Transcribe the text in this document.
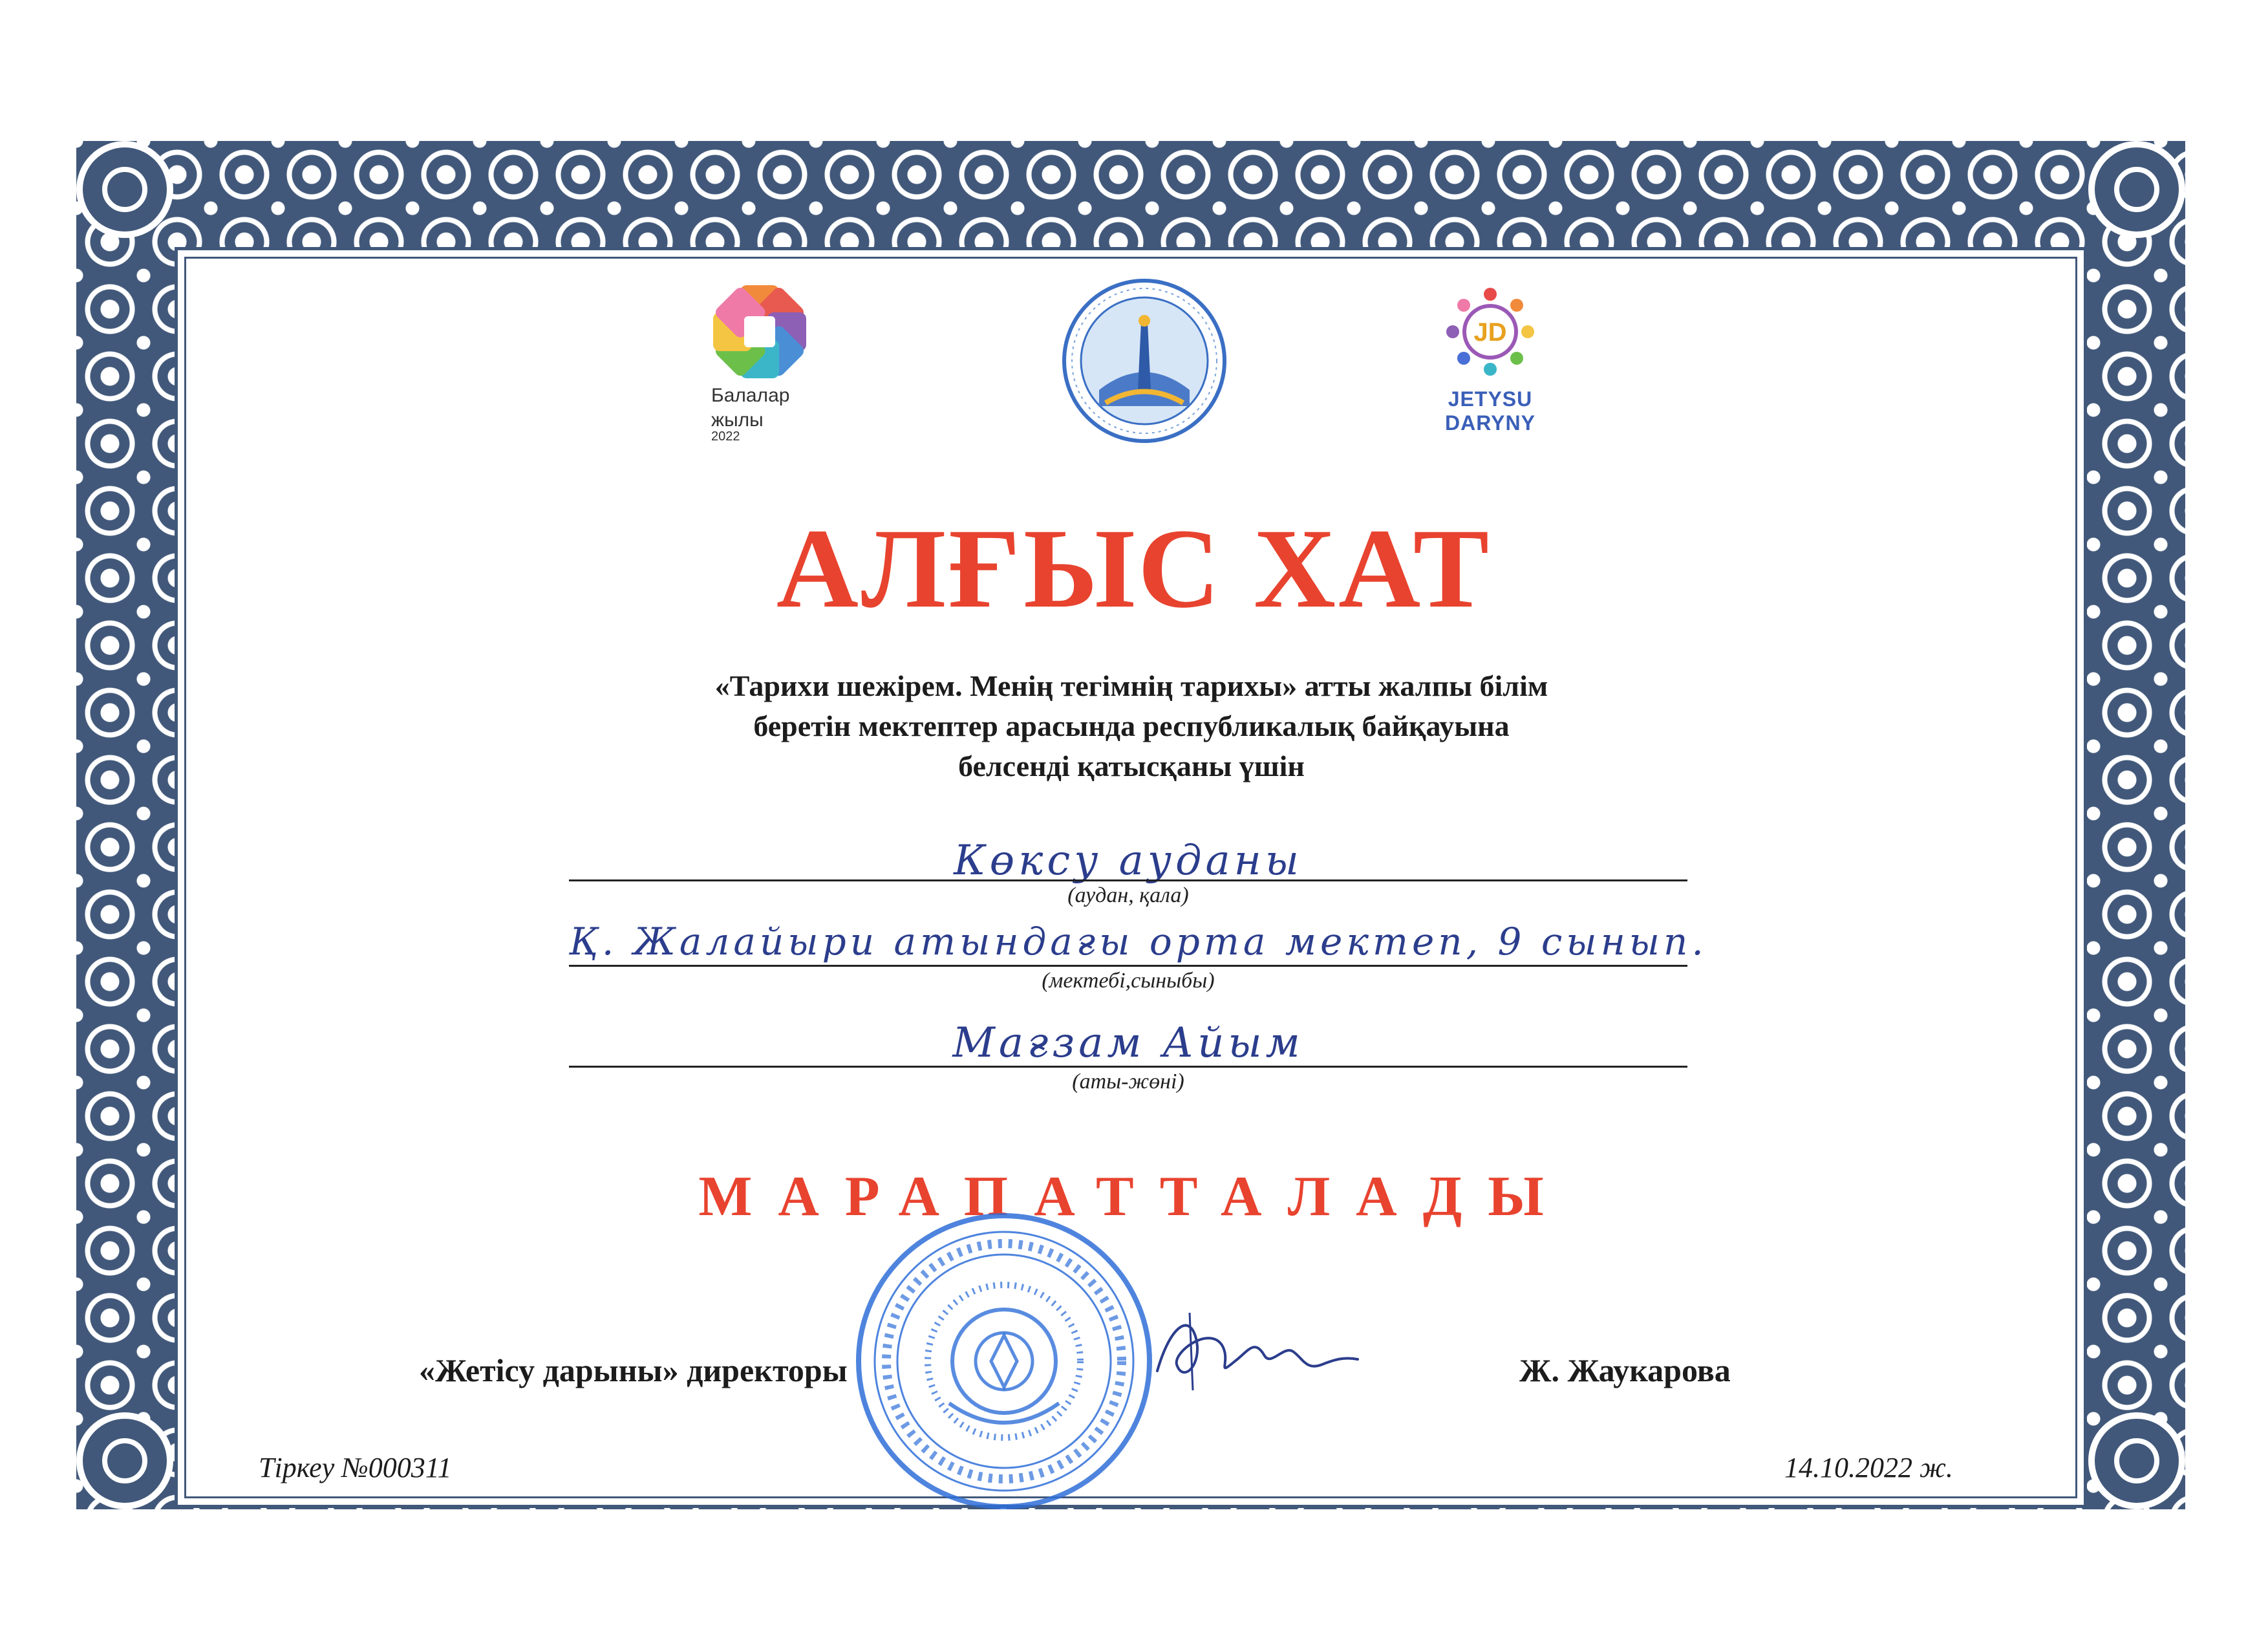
Балалар
жылы
2022
JD
JETYSU DARYNY
АЛҒЫС ХАТ
«Тарихи шежірем. Менің тегімнің тарихы» атты жалпы білім
беретін мектептер арасында республикалық байқауына
белсенді қатысқаны үшін
Көксу ауданы
(аудан, қала)
Қ. Жалайыри атындағы орта мектеп, 9 сынып.
(мектебі,сыныбы)
Мағзам Айым
(аты-жөні)
МАРАПАТТАЛАДЫ
«Жетісу дарыны» директоры	Ж. Жаукарова
Тіркеу №000311	14.10.2022 ж.
